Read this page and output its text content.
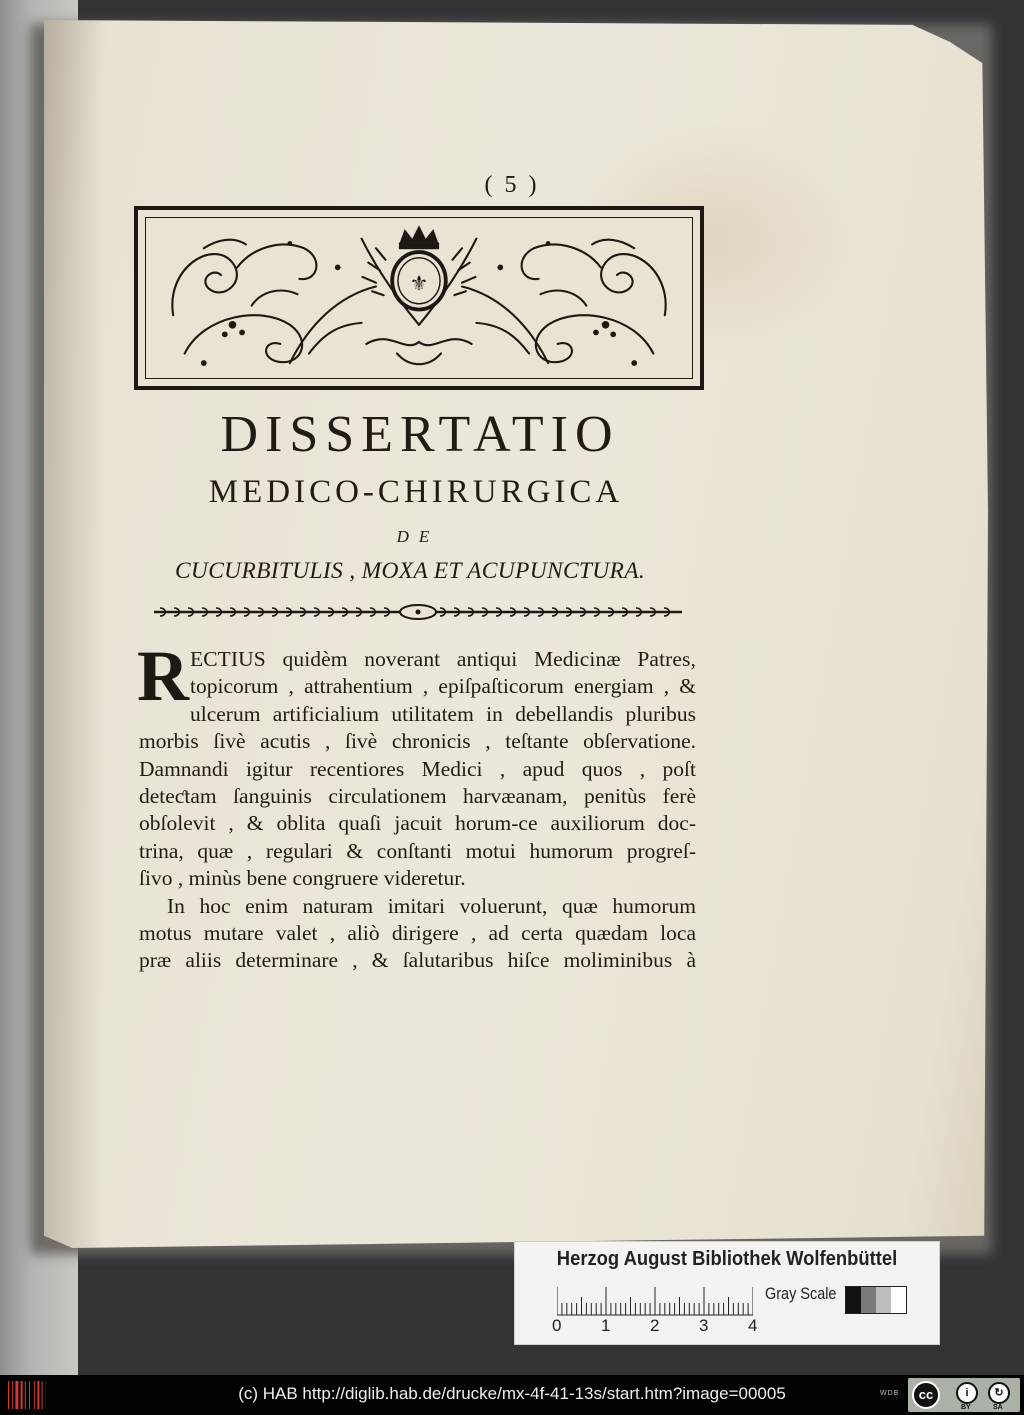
( 5 )
⚜
DISSERTATIO
MEDICO-CHIRURGICA
DE
CUCURBITULIS , MOXA ET ACUPUNCTURA.

RECTIUS quidèm noverant antiqui Medicinæ Patres,

topicorum , attrahentium , epiſpaſticorum energiam , &

ulcerum artificialium utilitatem in debellandis pluribus

morbis ſivè acutis , ſivè chronicis , teſtante obſervatione.

Damnandi igitur recentiores Medici , apud quos , poſt

deteƈtam ſanguinis circulationem harvæanam, penitùs ferè

obſolevit , & oblita quaſi jacuit horum-ce auxiliorum doc-

trina, quæ , regulari & conſtanti motui humorum progreſ-

ſivo , minùs bene congruere videretur.

In hoc enim naturam imitari voluerunt, quæ humorum

motus mutare valet , aliò dirigere , ad certa quædam loca

præ aliis determinare , & ſalutaribus hiſce moliminibus à

Herzog August Bibliothek Wolfenbüttel
0 1 2 3 4
Gray Scale
(c) HAB http://diglib.hab.de/drucke/mx-4f-41-13s/start.htm?image=00005	WDB	cc	i	↻
BY	SA
